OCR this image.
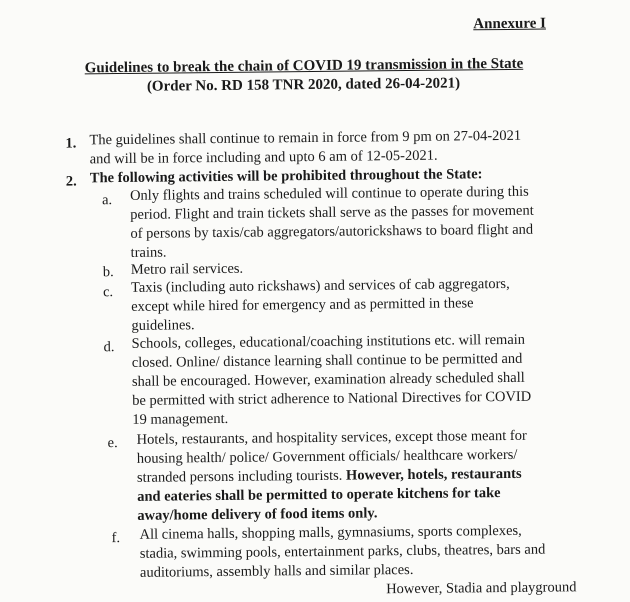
Annexure I
Guidelines to break the chain of COVID 19 transmission in the State
(Order No. RD 158 TNR 2020, dated 26-04-2021)
1. The guidelines shall continue to remain in force from 9 pm on 27-04-2021
and will be in force including and upto 6 am of 12-05-2021.
2. The following activities will be prohibited throughout the State:
a. Only flights and trains scheduled will continue to operate during this
period. Flight and train tickets shall serve as the passes for movement
of persons by taxis/cab aggregators/autorickshaws to board flight and
trains.
b. Metro rail services.
c. Taxis (including auto rickshaws) and services of cab aggregators,
except while hired for emergency and as permitted in these
guidelines.
d. Schools, colleges, educational/coaching institutions etc. will remain
closed. Online/ distance learning shall continue to be permitted and
shall be encouraged. However, examination already scheduled shall
be permitted with strict adherence to National Directives for COVID
19 management.
e. Hotels, restaurants, and hospitality services, except those meant for
housing health/ police/ Government officials/ healthcare workers/
stranded persons including tourists. However, hotels, restaurants
and eateries shall be permitted to operate kitchens for take
away/home delivery of food items only.
f. All cinema halls, shopping malls, gymnasiums, sports complexes,
stadia, swimming pools, entertainment parks, clubs, theatres, bars and
auditoriums, assembly halls and similar places.
However, Stadia and playground
